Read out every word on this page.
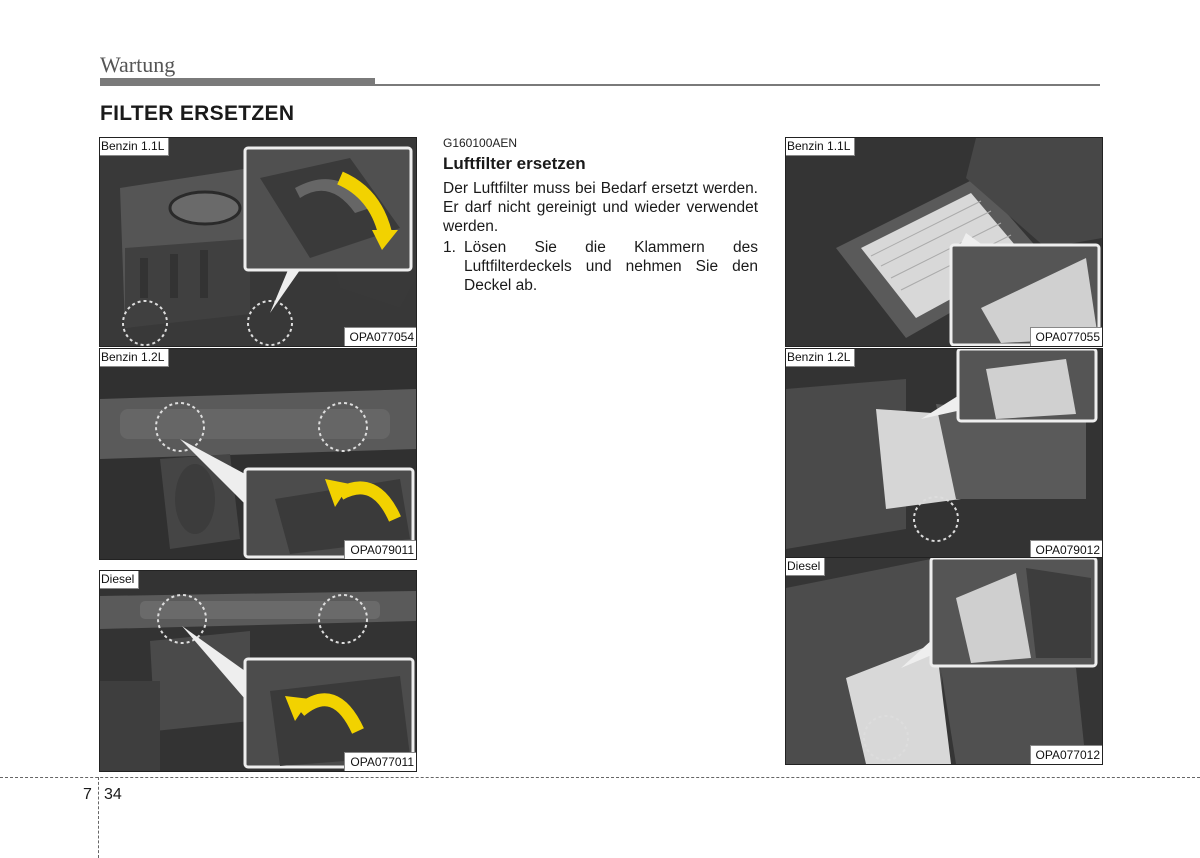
Wartung
FILTER ERSETZEN
Benzin 1.1L
OPA077054
Benzin 1.2L
OPA079011
Diesel
OPA077011
G160100AEN
Luftfilter ersetzen
Der Luftfilter muss bei Bedarf ersetzt werden. Er darf nicht gereinigt und wieder verwendet werden.
1. Lösen Sie die Klammern des Luftfilterdeckels und nehmen Sie den Deckel ab.
Benzin 1.1L
OPA077055
Benzin 1.2L
OPA079012
Diesel
OPA077012
7 34
